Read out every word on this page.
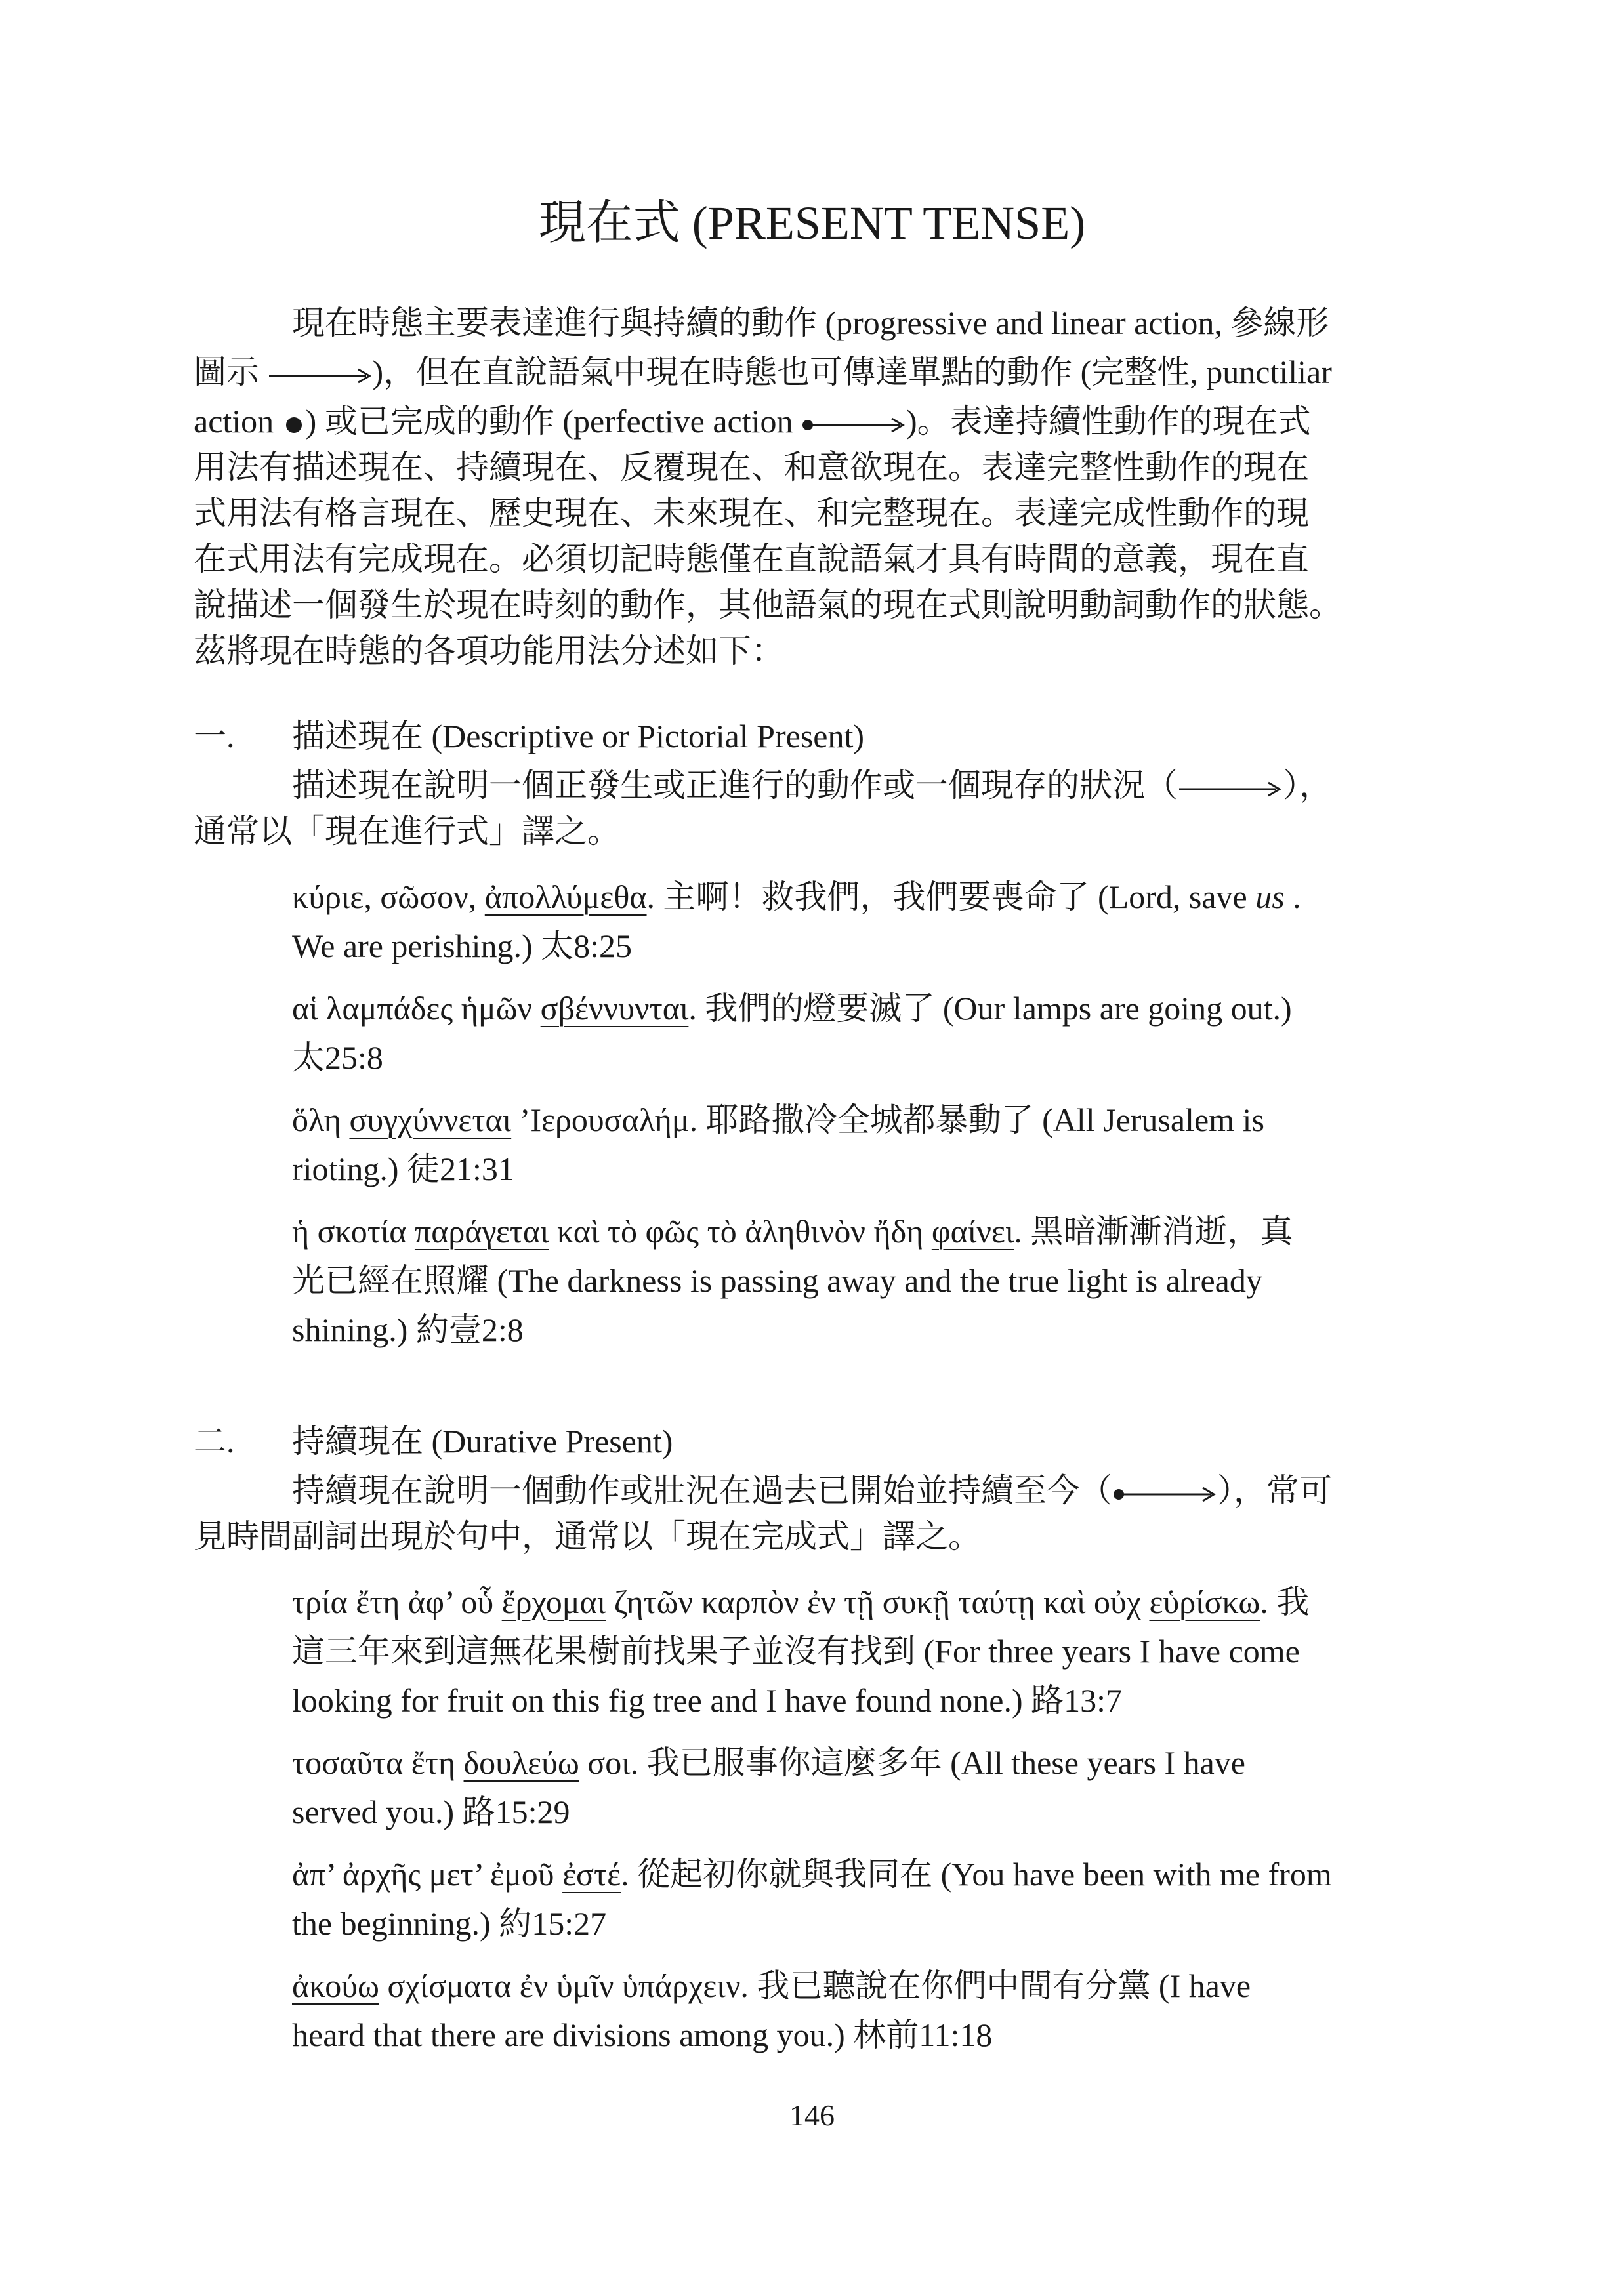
現在式 (PRESENT TENSE)
現在時態主要表達進行與持續的動作 (progressive and linear action, 參線形
圖示	)，但在直說語氣中現在時態也可傳達單點的動作 (完整性, punctiliar
action ) 或已完成的動作 (perfective action	)。表達持續性動作的現在式
用法有描述現在、持續現在、反覆現在、和意欲現在。表達完整性動作的現在
式用法有格言現在、歷史現在、未來現在、和完整現在。表達完成性動作的現
在式用法有完成現在。必須切記時態僅在直說語氣才具有時間的意義，現在直
說描述一個發生於現在時刻的動作，其他語氣的現在式則說明動詞動作的狀態。
茲將現在時態的各項功能用法分述如下：
一. 描述現在 (Descriptive or Pictorial Present)
描述現在說明一個正發生或正進行的動作或一個現存的狀況（	），
通常以「現在進行式」譯之。
κύριε, σῶσον, ἀπολλύμεθα. 主啊！救我們，我們要喪命了 (Lord, save us .
We are perishing.) 太8:25
αἱ λαμπάδες ἡμῶν σβέννυνται. 我們的燈要滅了 (Our lamps are going out.)
太25:8
ὅλη συγχύννεται ’Ιερουσαλήμ. 耶路撒冷全城都暴動了 (All Jerusalem is
rioting.) 徒21:31
ἡ σκοτία παράγεται καὶ τὸ φῶς τὸ ἀληθινὸν ἤδη φαίνει. 黑暗漸漸消逝，真
光已經在照耀 (The darkness is passing away and the true light is already
shining.) 約壹2:8
二. 持續現在 (Durative Present)
持續現在說明一個動作或壯況在過去已開始並持續至今（	），常可
見時間副詞出現於句中，通常以「現在完成式」譯之。
τρία ἔτη ἀφ’ οὗ ἔρχομαι ζητῶν καρπὸν ἐν τῇ συκῇ ταύτῃ καὶ οὐχ εὑρίσκω. 我
這三年來到這無花果樹前找果子並沒有找到 (For three years I have come
looking for fruit on this fig tree and I have found none.) 路13:7
τοσαῦτα ἔτη δουλεύω σοι. 我已服事你這麼多年 (All these years I have
served you.) 路15:29
ἀπ’ ἀρχῆς μετ’ ἐμοῦ ἐστέ. 從起初你就與我同在 (You have been with me from
the beginning.) 約15:27
ἀκούω σχίσματα ἐν ὑμῖν ὑπάρχειν. 我已聽說在你們中間有分黨 (I have
heard that there are divisions among you.) 林前11:18
146
